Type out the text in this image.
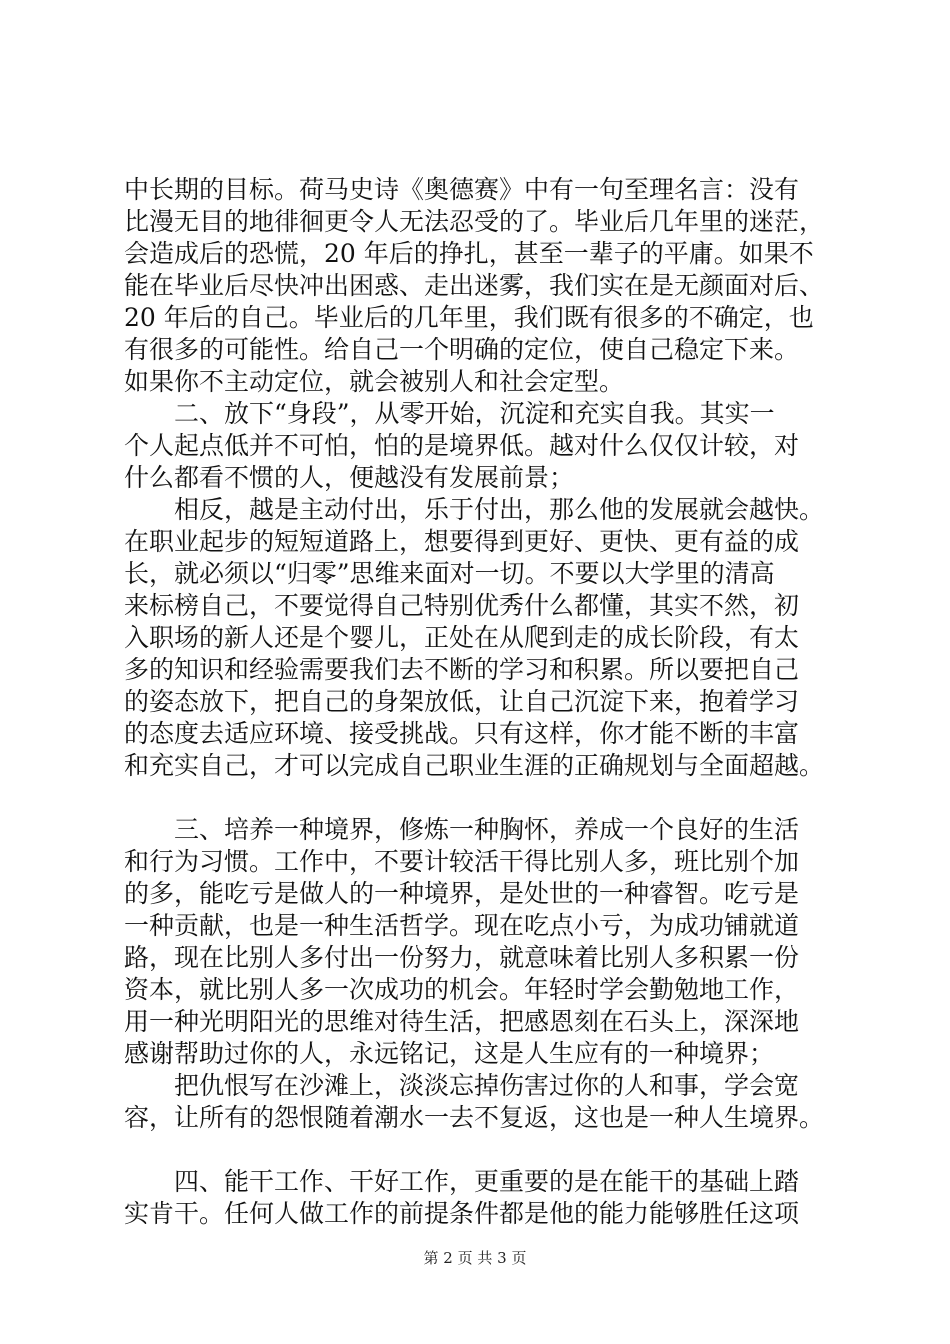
中长期的目标。荷马史诗《奥德赛》中有一句至理名言：没有
比漫无目的地徘徊更令人无法忍受的了。毕业后几年里的迷茫，
会造成后的恐慌，20 年后的挣扎，甚至一辈子的平庸。如果不
能在毕业后尽快冲出困惑、走出迷雾，我们实在是无颜面对后、
20 年后的自己。毕业后的几年里，我们既有很多的不确定，也
有很多的可能性。给自己一个明确的定位，使自己稳定下来。
如果你不主动定位，就会被别人和社会定型。
二、放下“身段”，从零开始，沉淀和充实自我。其实一
个人起点低并不可怕，怕的是境界低。越对什么仅仅计较，对
什么都看不惯的人，便越没有发展前景；
相反，越是主动付出，乐于付出，那么他的发展就会越快。
在职业起步的短短道路上，想要得到更好、更快、更有益的成
长，就必须以“归零”思维来面对一切。不要以大学里的清高
来标榜自己，不要觉得自己特别优秀什么都懂，其实不然，初
入职场的新人还是个婴儿，正处在从爬到走的成长阶段，有太
多的知识和经验需要我们去不断的学习和积累。所以要把自己
的姿态放下，把自己的身架放低，让自己沉淀下来，抱着学习
的态度去适应环境、接受挑战。只有这样，你才能不断的丰富
和充实自己，才可以完成自己职业生涯的正确规划与全面超越。
三、培养一种境界，修炼一种胸怀，养成一个良好的生活
和行为习惯。工作中，不要计较活干得比别人多，班比别个加
的多，能吃亏是做人的一种境界，是处世的一种睿智。吃亏是
一种贡献，也是一种生活哲学。现在吃点小亏，为成功铺就道
路，现在比别人多付出一份努力，就意味着比别人多积累一份
资本，就比别人多一次成功的机会。年轻时学会勤勉地工作，
用一种光明阳光的思维对待生活，把感恩刻在石头上，深深地
感谢帮助过你的人，永远铭记，这是人生应有的一种境界；
把仇恨写在沙滩上，淡淡忘掉伤害过你的人和事，学会宽
容，让所有的怨恨随着潮水一去不复返，这也是一种人生境界。
四、能干工作、干好工作，更重要的是在能干的基础上踏
实肯干。任何人做工作的前提条件都是他的能力能够胜任这项
第 2 页 共 3 页
